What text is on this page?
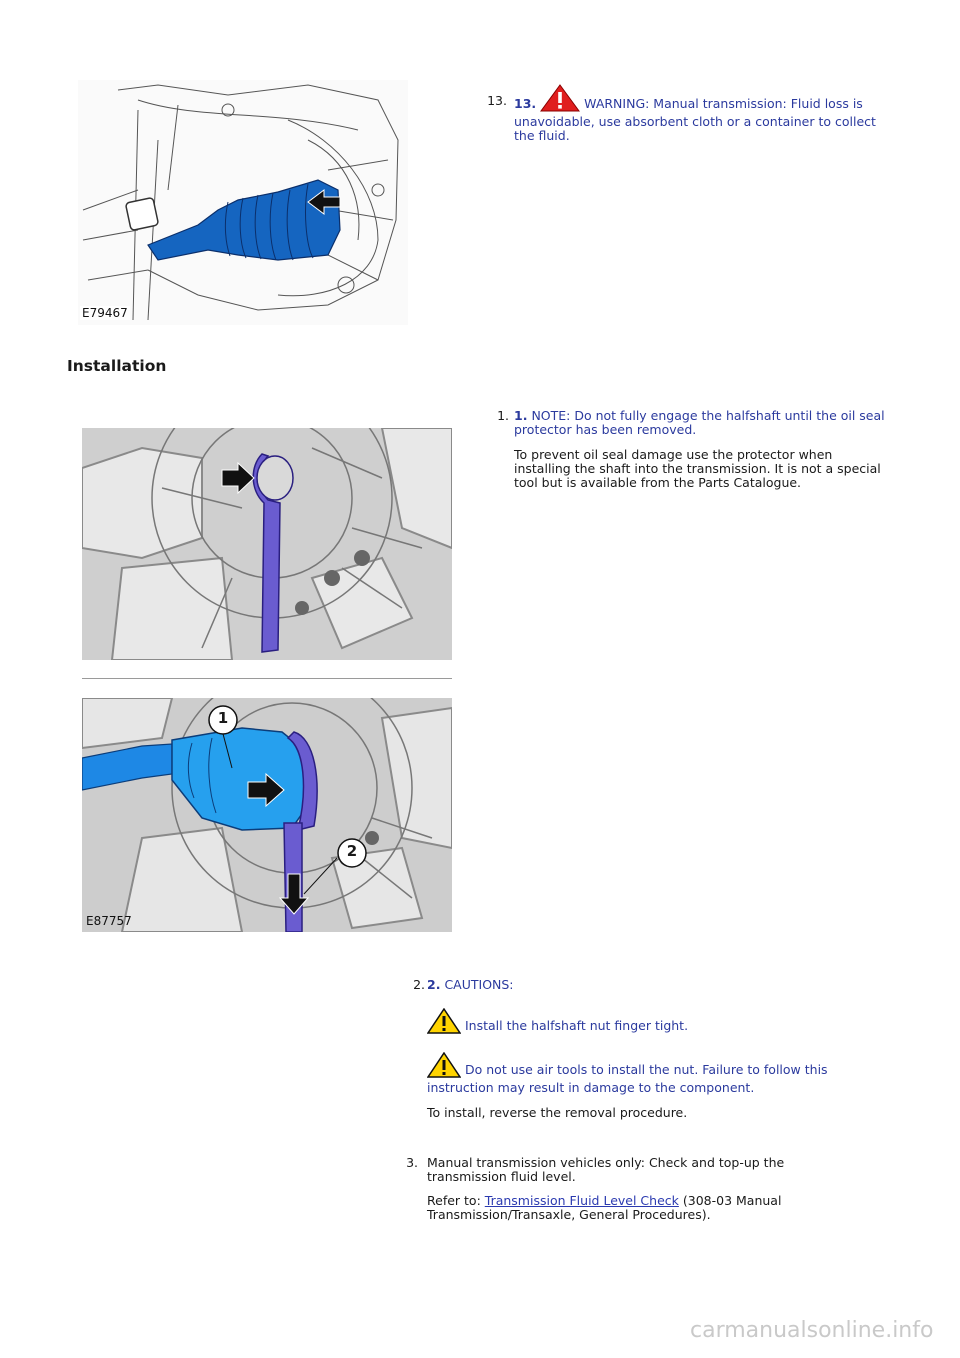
E79467
13. 13.	WARNING: Manual transmission: Fluid loss is unavoidable, use absorbent cloth or a container to collect the fluid.
Installation
1
2
E87757
1. 1. NOTE: Do not fully engage the halfshaft until the oil seal protector has been removed.
To prevent oil seal damage use the protector when installing the shaft into the transmission. It is not a special tool but is available from the Parts Catalogue.
2. 2. CAUTIONS:
Install the halfshaft nut finger tight.
Do not use air tools to install the nut. Failure to follow this instruction may result in damage to the component.
To install, reverse the removal procedure.
3. Manual transmission vehicles only: Check and top-up the transmission fluid level.
Refer to: Transmission Fluid Level Check (308-03 Manual Transmission/Transaxle, General Procedures).
carmanualsonline.info
